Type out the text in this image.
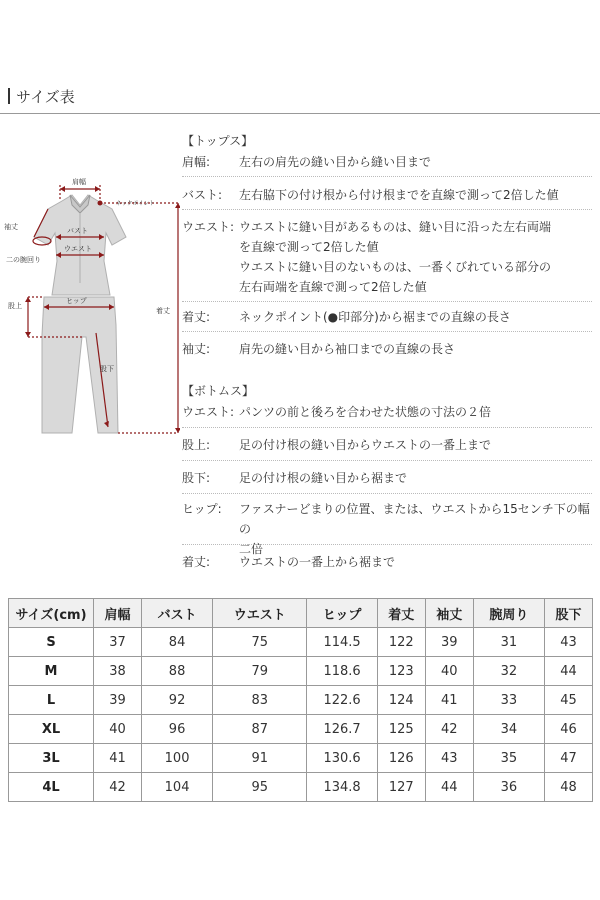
サイズ表
肩幅
ネックポイント
袖丈	バスト
ウエスト
二の腕回り
股上
ヒップ
着丈
股下
【トップス】
肩幅: 左右の肩先の縫い目から縫い目まで
バスト: 左右脇下の付け根から付け根までを直線で測って2倍した値
ウエスト: ウエストに縫い目があるものは、縫い目に沿った左右両端
を直線で測って2倍した値
ウエストに縫い目のないものは、一番くびれている部分の
左右両端を直線で測って2倍した値
着丈: ネックポイント(●印部分)から裾までの直線の長さ
袖丈: 肩先の縫い目から袖口までの直線の長さ
【ボトムス】
ウエスト: パンツの前と後ろを合わせた状態の寸法の２倍
股上: 足の付け根の縫い目からウエストの一番上まで
股下: 足の付け根の縫い目から裾まで
ヒップ: ファスナーどまりの位置、または、ウエストから15センチ下の幅の
二倍
着丈: ウエストの一番上から裾まで
サイズ(cm)	肩幅	バスト	ウエスト	ヒップ	着丈	袖丈	腕周り	股下
S	37	84	75	114.5	122	39	31	43
M	38	88	79	118.6	123	40	32	44
L	39	92	83	122.6	124	41	33	45
XL	40	96	87	126.7	125	42	34	46
3L	41	100	91	130.6	126	43	35	47
4L	42	104	95	134.8	127	44	36	48
